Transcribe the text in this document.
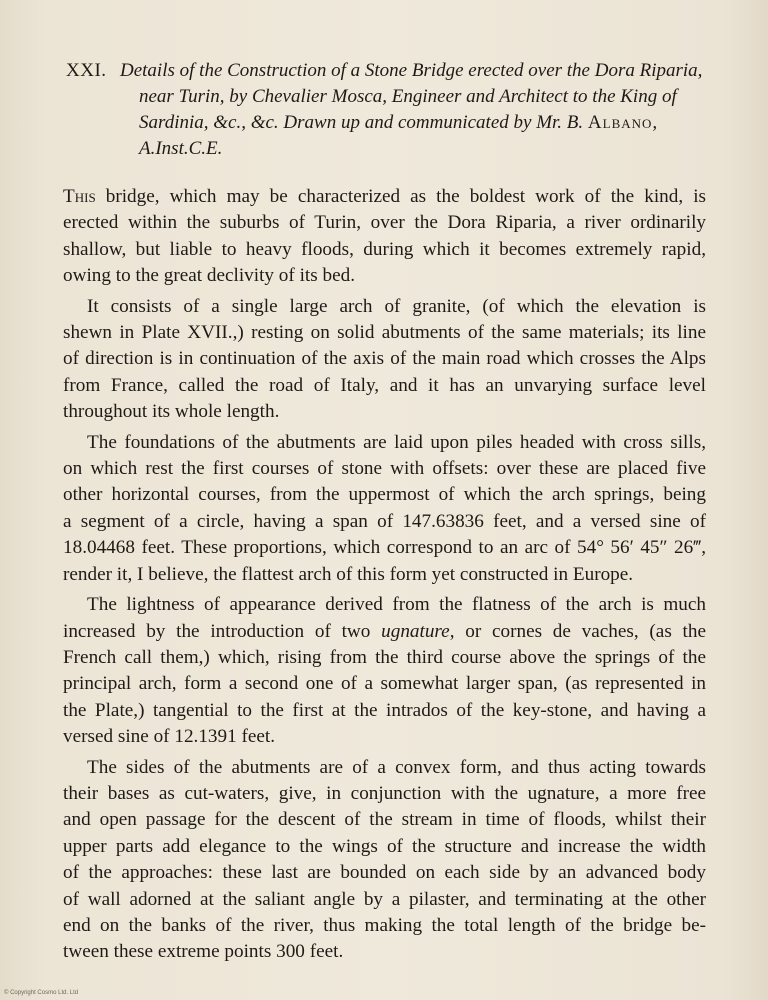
XXI. Details of the Construction of a Stone Bridge erected over the Dora Riparia,
near Turin, by Chevalier Mosca, Engineer and Architect to the King of
Sardinia, &c., &c. Drawn up and communicated by Mr. B. Albano,
A.Inst.C.E.
This bridge, which may be characterized as the boldest work of the kind, is
erected within the suburbs of Turin, over the Dora Riparia, a river ordinarily
shallow, but liable to heavy floods, during which it becomes extremely rapid,
owing to the great declivity of its bed.
It consists of a single large arch of granite, (of which the elevation is
shewn in Plate XVII.,) resting on solid abutments of the same materials; its line
of direction is in continuation of the axis of the main road which crosses the Alps
from France, called the road of Italy, and it has an unvarying surface level
throughout its whole length.
The foundations of the abutments are laid upon piles headed with cross sills,
on which rest the first courses of stone with offsets: over these are placed five
other horizontal courses, from the uppermost of which the arch springs, being
a segment of a circle, having a span of 147.63836 feet, and a versed sine of
18.04468 feet. These proportions, which correspond to an arc of 54° 56′ 45″ 26‴,
render it, I believe, the flattest arch of this form yet constructed in Europe.
The lightness of appearance derived from the flatness of the arch is much
increased by the introduction of two ugnature, or cornes de vaches, (as the
French call them,) which, rising from the third course above the springs of the
principal arch, form a second one of a somewhat larger span, (as represented in
the Plate,) tangential to the first at the intrados of the key-stone, and having a
versed sine of 12.1391 feet.
The sides of the abutments are of a convex form, and thus acting towards
their bases as cut-waters, give, in conjunction with the ugnature, a more free
and open passage for the descent of the stream in time of floods, whilst their
upper parts add elegance to the wings of the structure and increase the width
of the approaches: these last are bounded on each side by an advanced body
of wall adorned at the saliant angle by a pilaster, and terminating at the other
end on the banks of the river, thus making the total length of the bridge be-
tween these extreme points 300 feet.
© Copyright Cosmo Ltd. Ltd
